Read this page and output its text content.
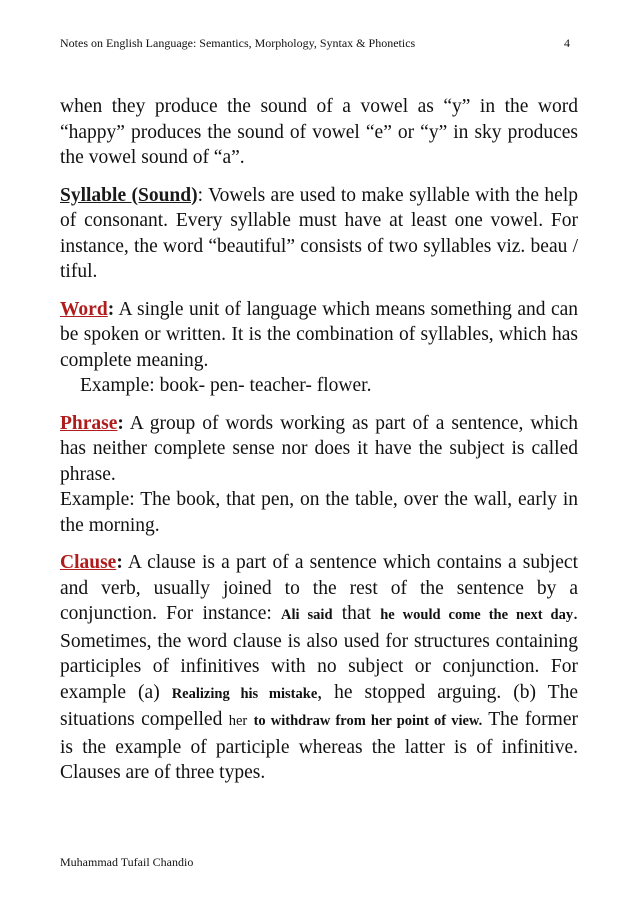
Notes on English Language: Semantics, Morphology, Syntax & Phonetics	4

when they produce the sound of a vowel as “y” in the word “happy” produces the sound of vowel “e” or “y” in sky produces the vowel sound of “a”.

Syllable (Sound): Vowels are used to make syllable with the help of consonant. Every syllable must have at least one vowel. For instance, the word “beautiful” consists of two syllables viz. beau / tiful.

Word: A single unit of language which means something and can be spoken or written. It is the combination of syllables, which has complete meaning.

Example: book- pen- teacher- flower.

Phrase: A group of words working as part of a sentence, which has neither complete sense nor does it have the subject is called phrase.
Example: The book, that pen, on the table, over the wall, early in the morning.

Clause: A clause is a part of a sentence which contains a subject and verb, usually joined to the rest of the sentence by a conjunction. For instance: Ali said that he would come the next day. Sometimes, the word clause is also used for structures containing participles of infinitives with no subject or conjunction. For example (a) Realizing his mistake, he stopped arguing. (b) The situations compelled her to withdraw from her point of view. The former is the example of participle whereas the latter is of infinitive. Clauses are of three types.

Muhammad Tufail Chandio
